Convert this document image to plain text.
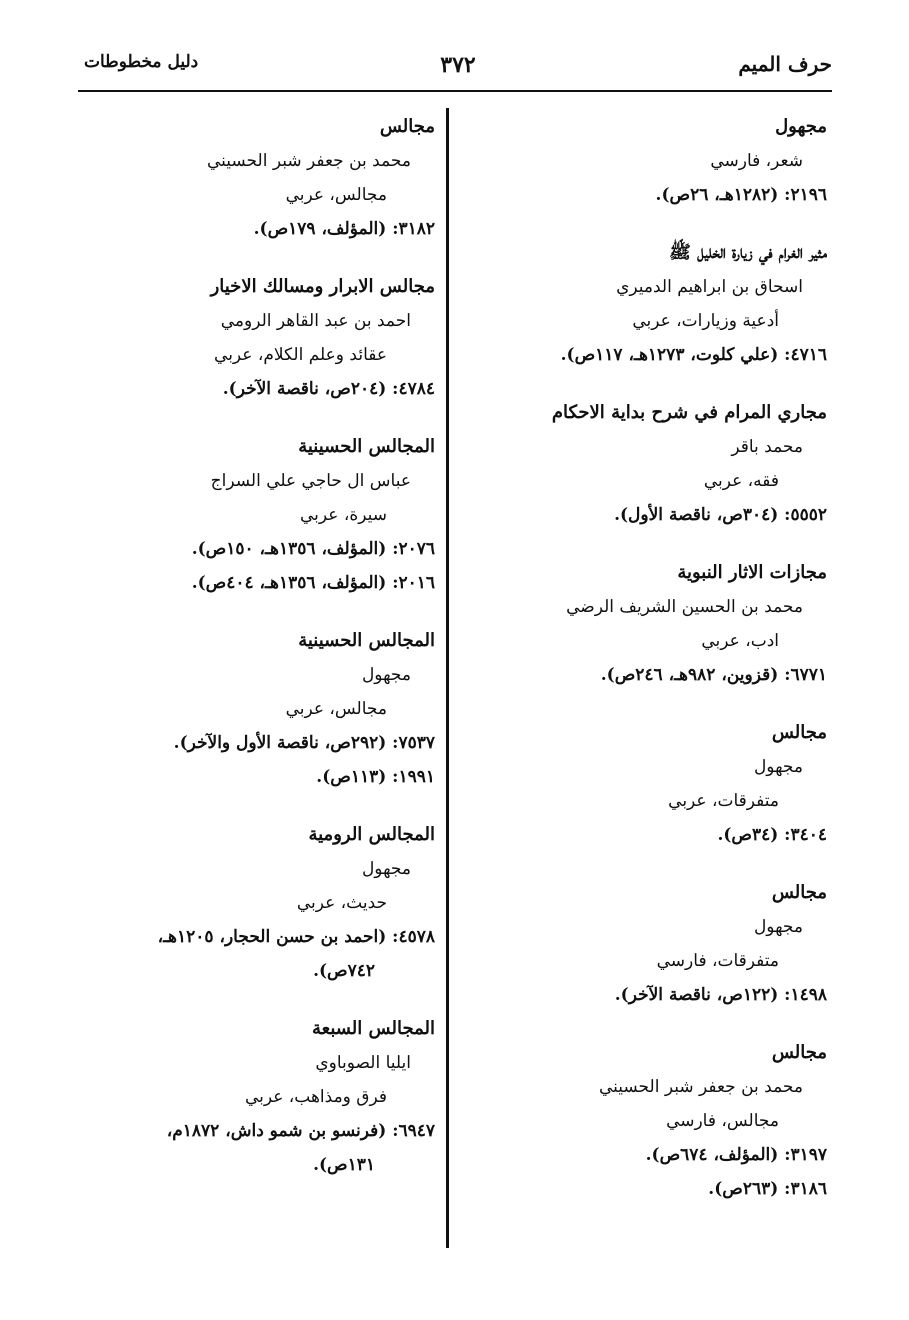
حرف الميم
٣٧٢
دليل مخطوطات
مجهول
شعر، فارسي
٢١٩٦: (١٢٨٢هـ، ٢٦ص).
مثير الغرام في زيارة الخليل ﷺ
اسحاق بن ابراهيم الدميري
أدعية وزيارات، عربي
٤٧١٦: (علي كلوت، ١٢٧٣هـ، ١١٧ص).
مجاري المرام في شرح بداية الاحكام
محمد باقر
فقه، عربي
٥٥٥٢: (٣٠٤ص، ناقصة الأول).
مجازات الاثار النبوية
محمد بن الحسين الشريف الرضي
ادب، عربي
٦٧٧١: (قزوين، ٩٨٢هـ، ٢٤٦ص).
مجالس
مجهول
متفرقات، عربي
٣٤٠٤: (٣٤ص).
مجالس
مجهول
متفرقات، فارسي
١٤٩٨: (١٢٢ص، ناقصة الآخر).
مجالس
محمد بن جعفر شبر الحسيني
مجالس، فارسي
٣١٩٧: (المؤلف، ٦٧٤ص).
٣١٨٦: (٢٦٣ص).
مجالس
محمد بن جعفر شبر الحسيني
مجالس، عربي
٣١٨٢: (المؤلف، ١٧٩ص).
مجالس الابرار ومسالك الاخيار
احمد بن عبد القاهر الرومي
عقائد وعلم الكلام، عربي
٤٧٨٤: (٢٠٤ص، ناقصة الآخر).
المجالس الحسينية
عباس ال حاجي علي السراج
سيرة، عربي
٢٠٧٦: (المؤلف، ١٣٥٦هـ، ١٥٠ص).
٢٠١٦: (المؤلف، ١٣٥٦هـ، ٤٠٤ص).
المجالس الحسينية
مجهول
مجالس، عربي
٧٥٣٧: (٢٩٢ص، ناقصة الأول والآخر).
١٩٩١: (١١٣ص).
المجالس الرومية
مجهول
حديث، عربي
٤٥٧٨: (احمد بن حسن الحجار، ١٢٠٥هـ،
٧٤٢ص).
المجالس السبعة
ايليا الصوباوي
فرق ومذاهب، عربي
٦٩٤٧: (فرنسو بن شمو داش، ١٨٧٢م،
١٣١ص).
